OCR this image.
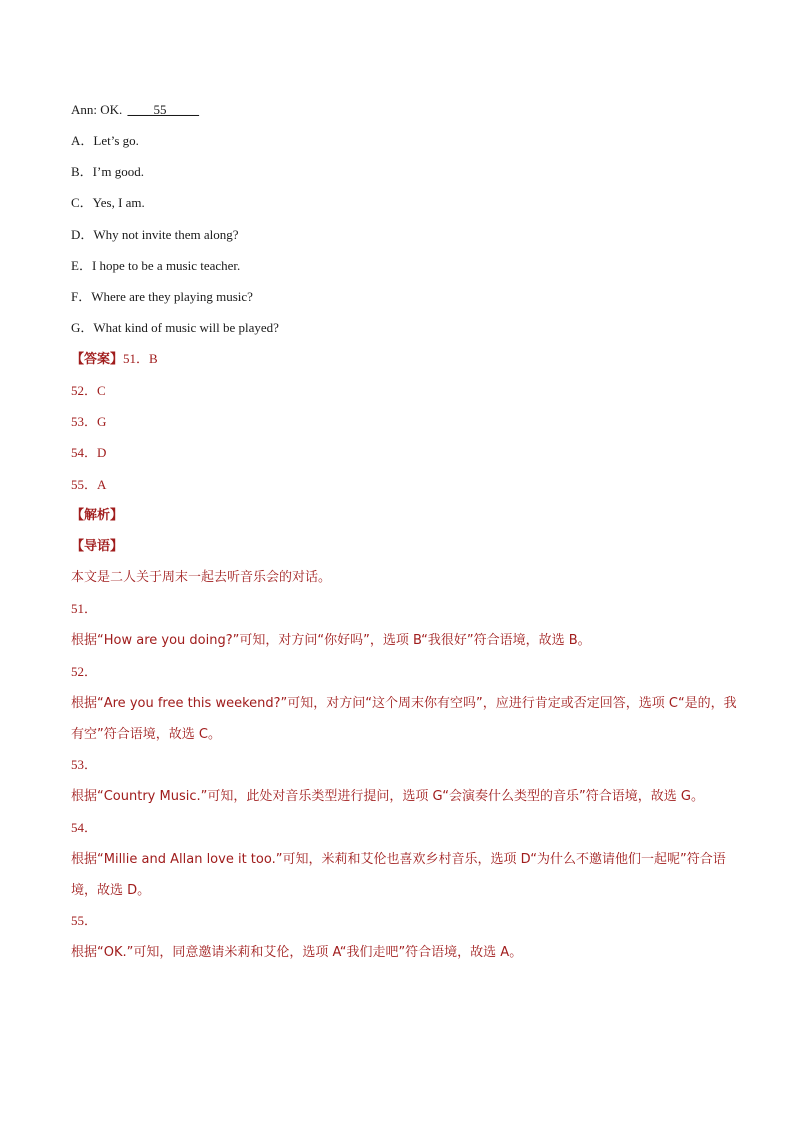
Ann: OK. ____55_____
A．Let’s go.
B．I’m good.
C．Yes, I am.
D．Why not invite them along?
E．I hope to be a music teacher.
F．Where are they playing music?
G．What kind of music will be played?
【答案】51．B
52．C
53．G
54．D
55．A
【解析】
【导语】
本文是二人关于周末一起去听音乐会的对话。
51．
根据“How are you doing?”可知，对方问“你好吗”，选项 B“我很好”符合语境，故选 B。
52．
根据“Are you free this weekend?”可知，对方问“这个周末你有空吗”，应进行肯定或否定回答，选项 C“是的，我有空”符合语境，故选 C。
53．
根据“Country Music.”可知，此处对音乐类型进行提问，选项 G“会演奏什么类型的音乐”符合语境，故选 G。
54．
根据“Millie and Allan love it too.”可知，米莉和艾伦也喜欢乡村音乐，选项 D“为什么不邀请他们一起呢”符合语境，故选 D。
55．
根据“OK.”可知，同意邀请米莉和艾伦，选项 A“我们走吧”符合语境，故选 A。
